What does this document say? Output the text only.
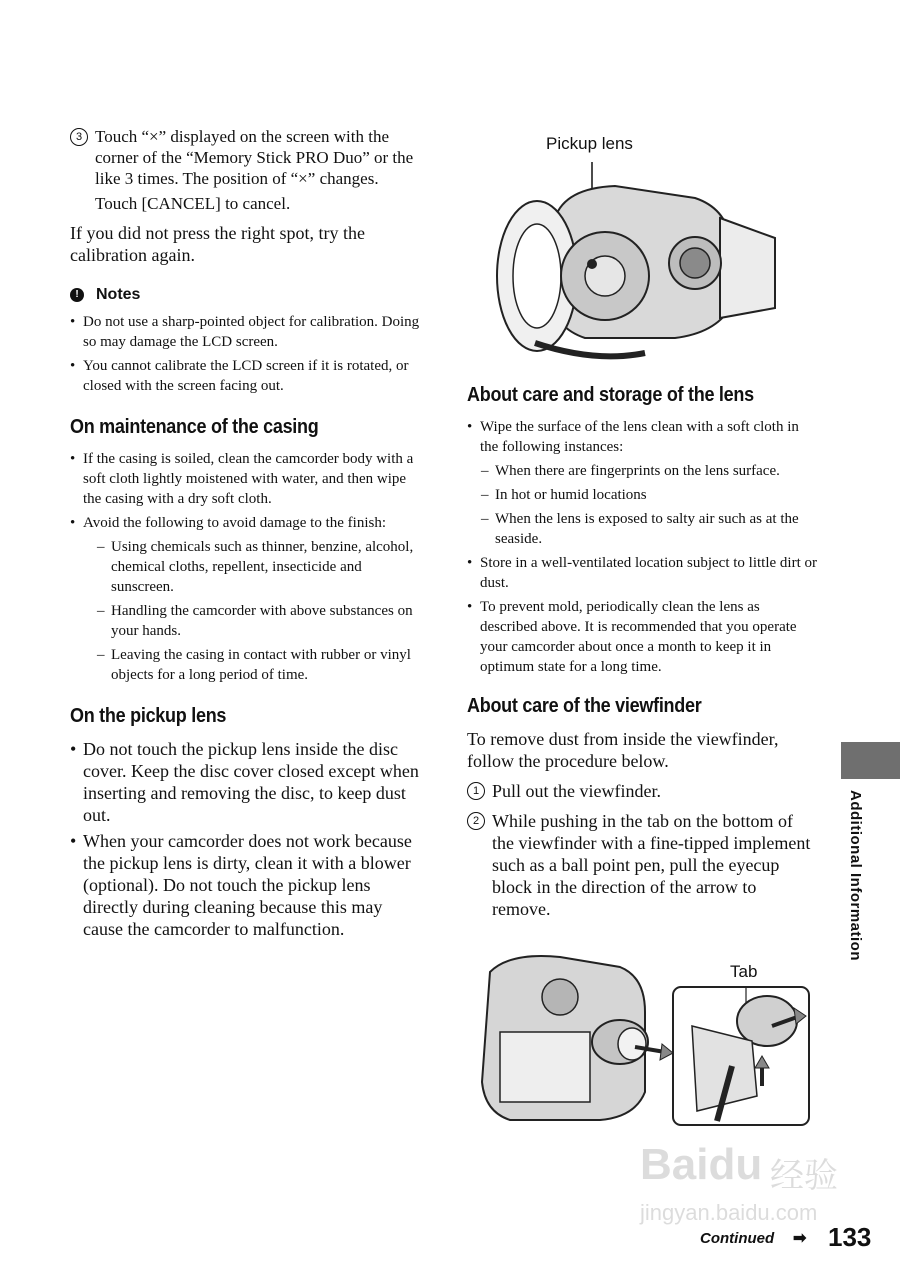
3 Touch “×” displayed on the screen with the corner of the “Memory Stick PRO Duo” or the like 3 times. The position of “×” changes.

Touch [CANCEL] to cancel.

If you did not press the right spot, try the calibration again.

!	Notes
• Do not use a sharp-pointed object for calibration. Doing so may damage the LCD screen.
• You cannot calibrate the LCD screen if it is rotated, or closed with the screen facing out.
On maintenance of the casing
• If the casing is soiled, clean the camcorder body with a soft cloth lightly moistened with water, and then wipe the casing with a dry soft cloth.
• Avoid the following to avoid damage to the finish:
– Using chemicals such as thinner, benzine, alcohol, chemical cloths, repellent, insecticide and sunscreen.
– Handling the camcorder with above substances on your hands.
– Leaving the casing in contact with rubber or vinyl objects for a long period of time.
On the pickup lens
• Do not touch the pickup lens inside the disc cover. Keep the disc cover closed except when inserting and removing the disc, to keep dust out.
• When your camcorder does not work because the pickup lens is dirty, clean it with a blower (optional). Do not touch the pickup lens directly during cleaning because this may cause the camcorder to malfunction.
Pickup lens
About care and storage of the lens
• Wipe the surface of the lens clean with a soft cloth in the following instances:
– When there are fingerprints on the lens surface.
– In hot or humid locations
– When the lens is exposed to salty air such as at the seaside.
• Store in a well-ventilated location subject to little dirt or dust.
• To prevent mold, periodically clean the lens as described above. It is recommended that you operate your camcorder about once a month to keep it in optimum state for a long time.
About care of the viewfinder

To remove dust from inside the viewfinder, follow the procedure below.

1 Pull out the viewfinder.

2 While pushing in the tab on the bottom of the viewfinder with a fine-tipped implement such as a ball point pen, pull the eyecup block in the direction of the arrow to remove.

Tab
Additional Information
Baidu 经验
jingyan.baidu.com
Continued ➡ 133
